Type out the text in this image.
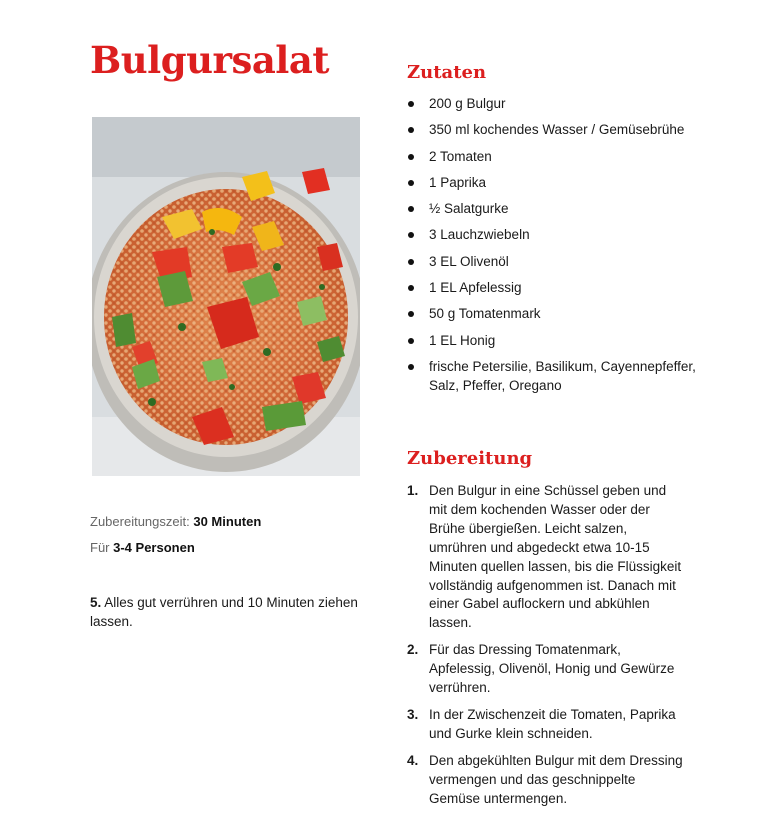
Bulgursalat
Zubereitungszeit: 30 Minuten
Für 3-4 Personen
5. Alles gut verrühren und 10 Minuten ziehen lassen.
Zutaten
200 g Bulgur
350 ml kochendes Wasser / Gemüsebrühe
2 Tomaten
1 Paprika
½ Salatgurke
3 Lauchzwiebeln
3 EL Olivenöl
1 EL Apfelessig
50 g Tomatenmark
1 EL Honig
frische Petersilie, Basilikum, Cayennepfeffer, Salz, Pfeffer, Oregano
Zubereitung
1. Den Bulgur in eine Schüssel geben und mit dem kochenden Wasser oder der Brühe übergießen. Leicht salzen, umrühren und abgedeckt etwa 10-15 Minuten quellen lassen, bis die Flüssigkeit vollständig aufgenommen ist. Danach mit einer Gabel auflockern und abkühlen lassen.
2. Für das Dressing Tomatenmark, Apfelessig, Olivenöl, Honig und Gewürze verrühren.
3. In der Zwischenzeit die Tomaten, Paprika und Gurke klein schneiden.
4. Den abgekühlten Bulgur mit dem Dressing vermengen und das geschnippelte Gemüse untermengen.
